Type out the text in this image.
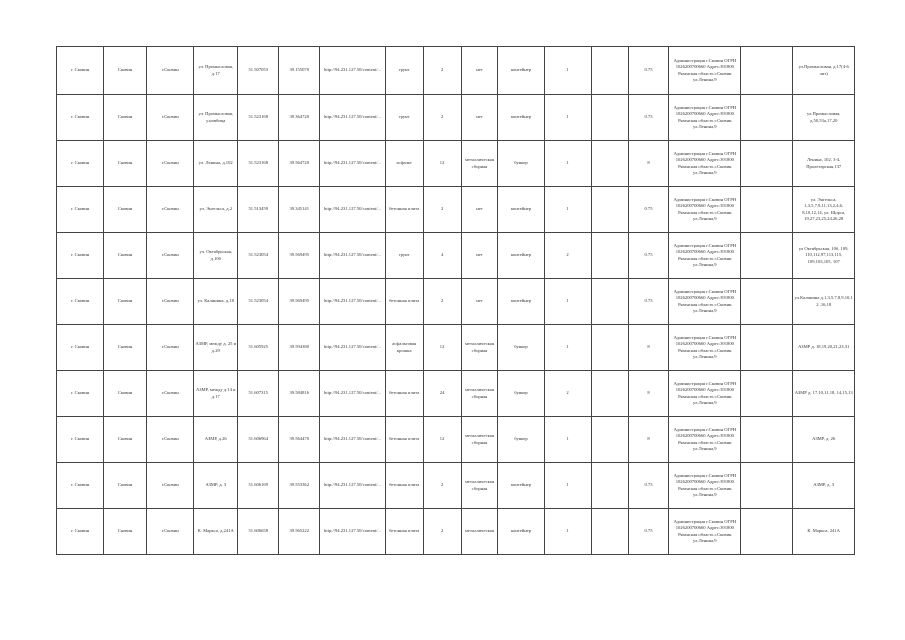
г. Сковин	Сковин	г.Сковин	ул. Промысловая, д.17	51.507053	39.155070	http://94.231.127.50/content/...	грунт	2	нет	контейнер	1		0.75	Администрация г.Сковин ОГРН 1026200700660 Адрес:391800 Рязанская область г.Сковин ул.Ленина,9		ул.Промысловая, д.17(4-6 лит)
г. Сковин	Сковин	г.Сковин	ул. Промысловая, у.новбица	51.523168	39.364720	http://94.231.127.50/content/...	грунт	2	нет	контейнер	1		0.75	Администрация г.Сковин ОГРН 1026200700660 Адрес:391800 Рязанская область г.Сковин ул.Ленина,9		ул.Промысловая, д.50,53а,17,20
г. Сковин	Сковин	г.Сковин	ул. Ленина, д.102	51.523168	39.564720	http://94.231.127.50/content/...	асфальт	12	металлическая сборная	бункер	1		8	Администрация г.Сковин ОГРН 1026200700660 Адрес:391800 Рязанская область г.Сковин ул.Ленина,9		Ленина, 102, 3-4, Пролетарская,137
г. Сковин	Сковин	г.Сковин	ул. Энгельса, д.2	51.513459	39.345141	http://94.231.127.50/content/...	бетонная плита	2	нет	контейнер	1		0.75	Администрация г.Сковин ОГРН 1026200700660 Адрес:391800 Рязанская область г.Сковин ул.Ленина,9		ул. Энгельса, 1,3,5,7,9,11,13,2,4,6, 8,10,12,14, ул. Щорса, 19,27,23,25,24,26,28
г. Сковин	Сковин	г.Сковин	ул. Октябрьская, д.10б	51.523054	39.569495	http://94.231.127.50/content/...	грунт	4	нет	контейнер	2		0.75	Администрация г.Сковин ОГРН 1026200700660 Адрес:391800 Рязанская область г.Сковин ул.Ленина,9		ул Октябрьская, 10б, 109, 110,112,97,113,115, 109,103,105, 107
г. Сковин	Сковин	г.Сковин	ул. Калинина, д.18	51.523054	39.569495	http://94.231.127.50/content/...	бетонная плита	2	нет	контейнер	1		0.75	Администрация г.Сковин ОГРН 1026200700660 Адрес:391800 Рязанская область г.Сковин ул.Ленина,9		ул.Калинина д.1,3,5,7,8,9,10,1 2 ,16,18
г. Сковин	Сковин	г.Сковин	АЗМР, между д. 25 и д.29	51.605925	39.594380	http://94.231.127.50/content/...	асфальтовая крошка	12	металлическая сборная	бункер	1		8	Администрация г.Сковин ОГРН 1026200700660 Адрес:391800 Рязанская область г.Сковин ул.Ленина,9		АЗМР д. 18,19,20,21,23,31
г. Сковин	Сковин	г.Сковин	АЗМР, между д.14 и д.17	51.607315	39.584816	http://94.231.127.50/content/...	бетонная плита	24	металлическая сборная	бункер	2		8	Администрация г.Сковин ОГРН 1026200700660 Адрес:391800 Рязанская область г.Сковин ул.Ленина,9		АЗМР д. 17,10,11,18, 14,15,13
г. Сковин	Сковин	г.Сковин	АЗМР, д.26	51.606964	39.564470	http://94.231.127.50/content/...	бетонная плита	12	металлическая сборная	бункер	1		8	Администрация г.Сковин ОГРН 1026200700660 Адрес:391800 Рязанская область г.Сковин ул.Ленина,9		АЗМР, д. 26
г. Сковин	Сковин	г.Сковин	АЗМР, д. 3	51.606169	39.553362	http://94.231.127.50/content/...	бетонная плита	2	металлическая сборная	контейнер	1		0.75	Администрация г.Сковин ОГРН 1026200700660 Адрес:391800 Рязанская область г.Сковин ул.Ленина,9		АЗМР, д. 3
г. Сковин	Сковин	г.Сковин	К. Маркса, д.241А	51.606658	39.565222	http://94.231.127.50/content/...	бетонная плита	2	металлическая	контейнер	1		0.75	Администрация г.Сковин ОГРН 1026200700660 Адрес:391800 Рязанская область г.Сковин ул.Ленина,9		К. Маркса, 241А
